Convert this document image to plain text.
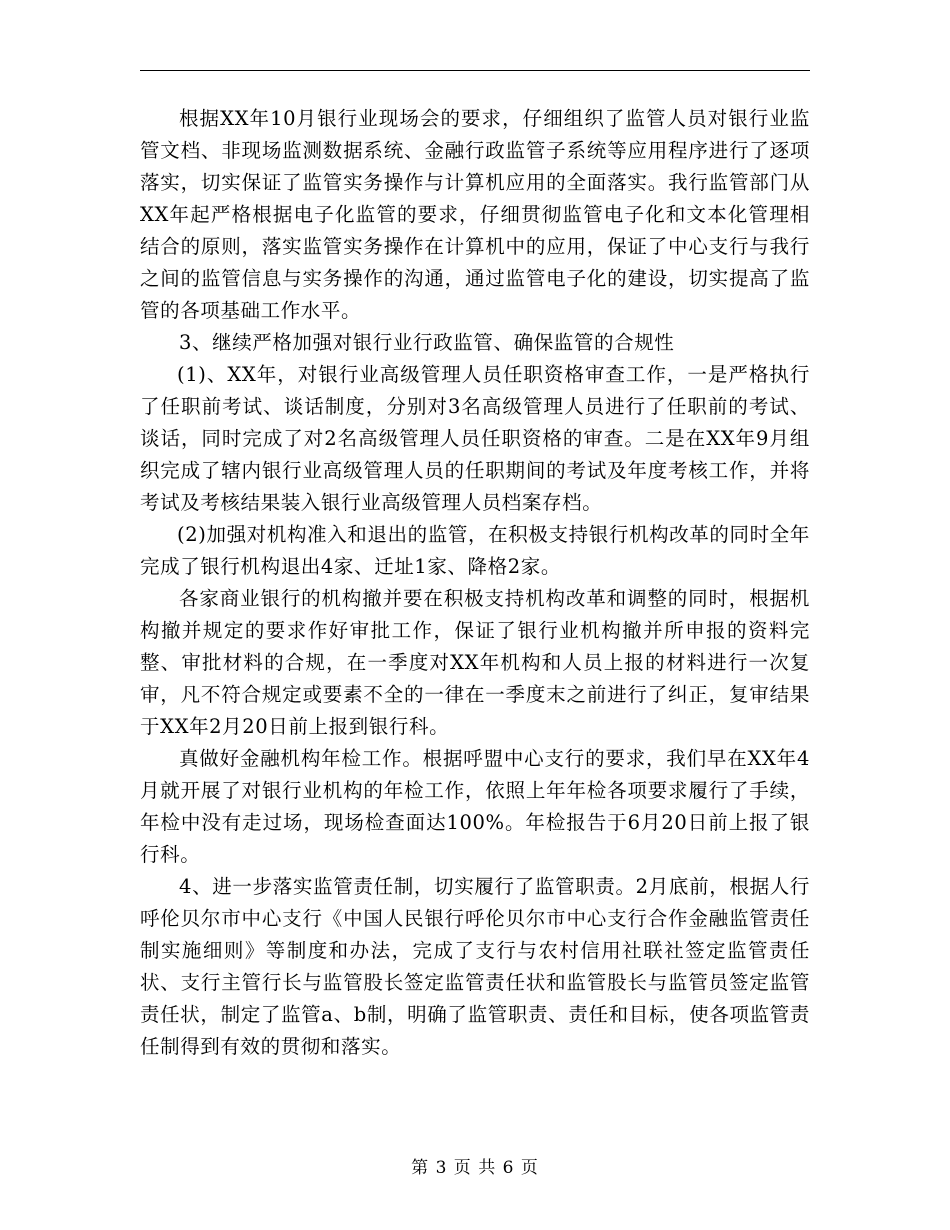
根据XX年10月银行业现场会的要求，仔细组织了监管人员对银行业监管文档、非现场监测数据系统、金融行政监管子系统等应用程序进行了逐项落实，切实保证了监管实务操作与计算机应用的全面落实。我行监管部门从XX年起严格根据电子化监管的要求，仔细贯彻监管电子化和文本化管理相结合的原则，落实监管实务操作在计算机中的应用，保证了中心支行与我行之间的监管信息与实务操作的沟通，通过监管电子化的建设，切实提高了监管的各项基础工作水平。

3、继续严格加强对银行业行政监管、确保监管的合规性

(1)、XX年，对银行业高级管理人员任职资格审查工作，一是严格执行了任职前考试、谈话制度，分别对3名高级管理人员进行了任职前的考试、谈话，同时完成了对2名高级管理人员任职资格的审查。二是在XX年9月组织完成了辖内银行业高级管理人员的任职期间的考试及年度考核工作，并将考试及考核结果装入银行业高级管理人员档案存档。

(2)加强对机构准入和退出的监管，在积极支持银行机构改革的同时全年完成了银行机构退出4家、迁址1家、降格2家。

各家商业银行的机构撤并要在积极支持机构改革和调整的同时，根据机构撤并规定的要求作好审批工作，保证了银行业机构撤并所申报的资料完整、审批材料的合规，在一季度对XX年机构和人员上报的材料进行一次复审，凡不符合规定或要素不全的一律在一季度末之前进行了纠正，复审结果于XX年2月20日前上报到银行科。

真做好金融机构年检工作。根据呼盟中心支行的要求，我们早在XX年4月就开展了对银行业机构的年检工作，依照上年年检各项要求履行了手续，年检中没有走过场，现场检查面达100%。年检报告于6月20日前上报了银行科。

4、进一步落实监管责任制，切实履行了监管职责。2月底前，根据人行呼伦贝尔市中心支行《中国人民银行呼伦贝尔市中心支行合作金融监管责任制实施细则》等制度和办法，完成了支行与农村信用社联社签定监管责任状、支行主管行长与监管股长签定监管责任状和监管股长与监管员签定监管责任状，制定了监管a、b制，明确了监管职责、责任和目标，使各项监管责任制得到有效的贯彻和落实。

第 3 页 共 6 页
